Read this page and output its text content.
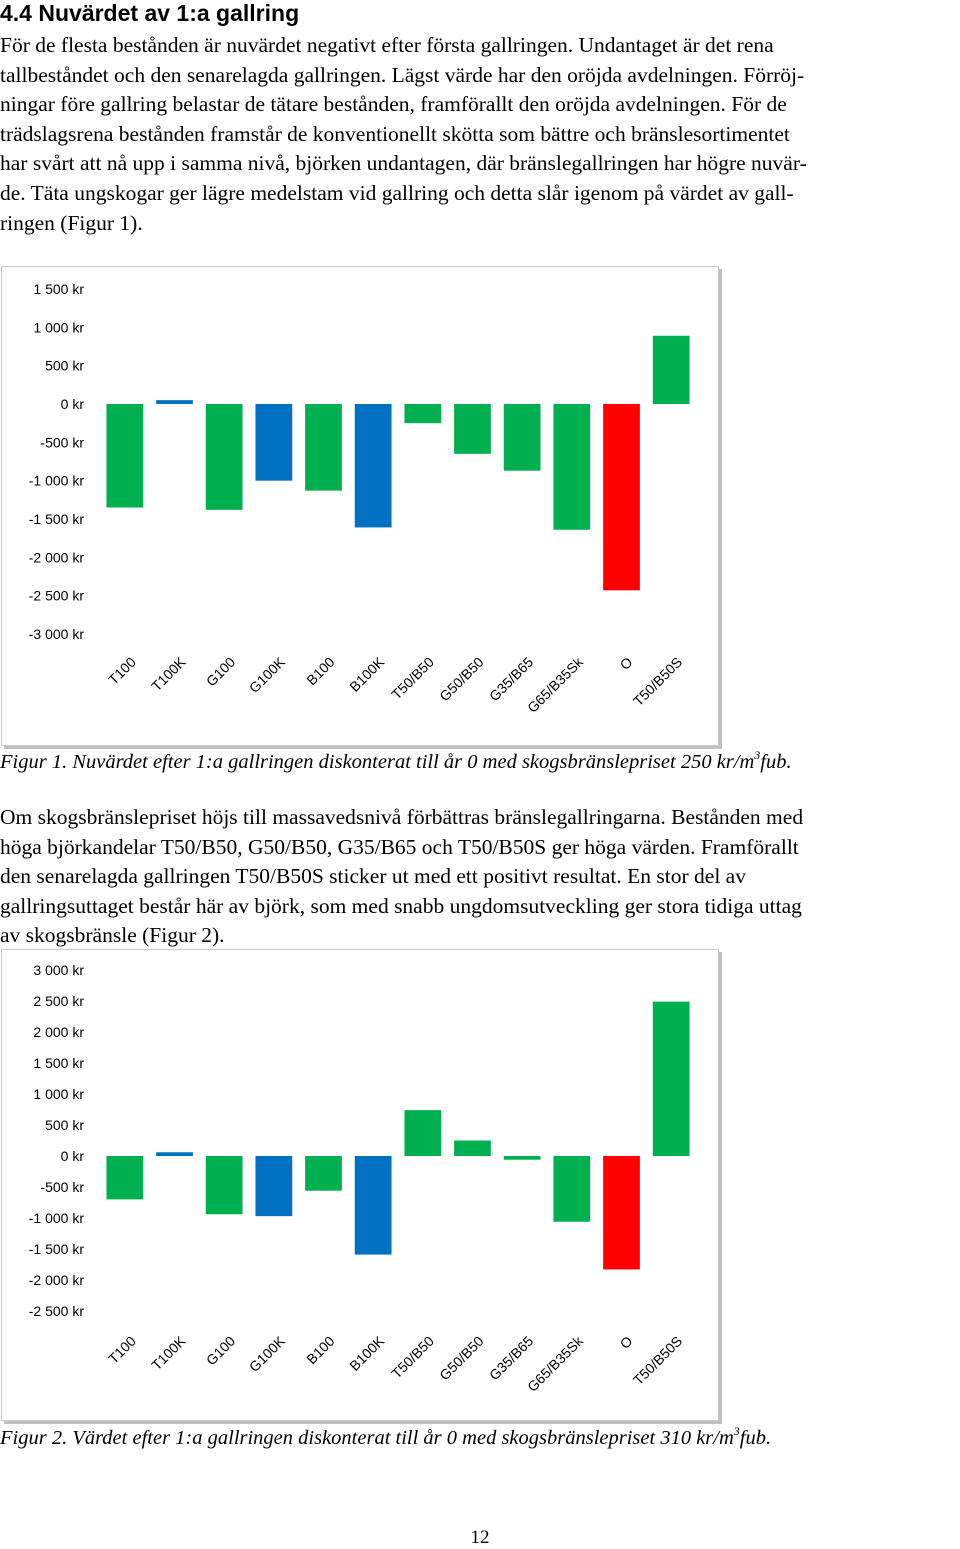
4.4 Nuvärdet av 1:a gallring
För de flesta bestånden är nuvärdet negativt efter första gallringen. Undantaget är det rena
tallbeståndet och den senarelagda gallringen. Lägst värde har den oröjda avdelningen. Förröj-
ningar före gallring belastar de tätare bestånden, framförallt den oröjda avdelningen. För de
trädslagsrena bestånden framstår de konventionellt skötta som bättre och bränslesortimentet
har svårt att nå upp i samma nivå, björken undantagen, där bränslegallringen har högre nuvär-
de. Täta ungskogar ger lägre medelstam vid gallring och detta slår igenom på värdet av gall-
ringen (Figur 1).
1 500 kr
1 000 kr
500 kr
0 kr
-500 kr
-1 000 kr
-1 500 kr
-2 000 kr
-2 500 kr
-3 000 kr
T100 T100K G100 G100K B100 B100K T50/B50 G50/B50 G35/B65
G65/B35Sk O
T50/B50S

Figur 1. Nuvärdet efter 1:a gallringen diskonterat till år 0 med skogsbränslepriset 250 $kr/m^3fub$.

Om skogsbränslepriset höjs till massavedsnivå förbättras bränslegallringarna. Bestånden med
höga björkandelar T50/B50, G50/B50, G35/B65 och T50/B50S ger höga värden. Framförallt
den senarelagda gallringen T50/B50S sticker ut med ett positivt resultat. En stor del av
gallringsuttaget består här av björk, som med snabb ungdomsutveckling ger stora tidiga uttag
av skogsbränsle (Figur 2).
3 000 kr
2 500 kr
2 000 kr
1 500 kr
1 000 kr
500 kr
0 kr
-500 kr
-1 000 kr
-1 500 kr
-2 000 kr
-2 500 kr
T100 T100K G100 G100K B100 B100K T50/B50 G50/B50 G35/B65
G65/B35Sk O
T50/B50S

Figur 2. Värdet efter 1:a gallringen diskonterat till år 0 med skogsbränslepriset 310 $kr/m^3fub$.

12
